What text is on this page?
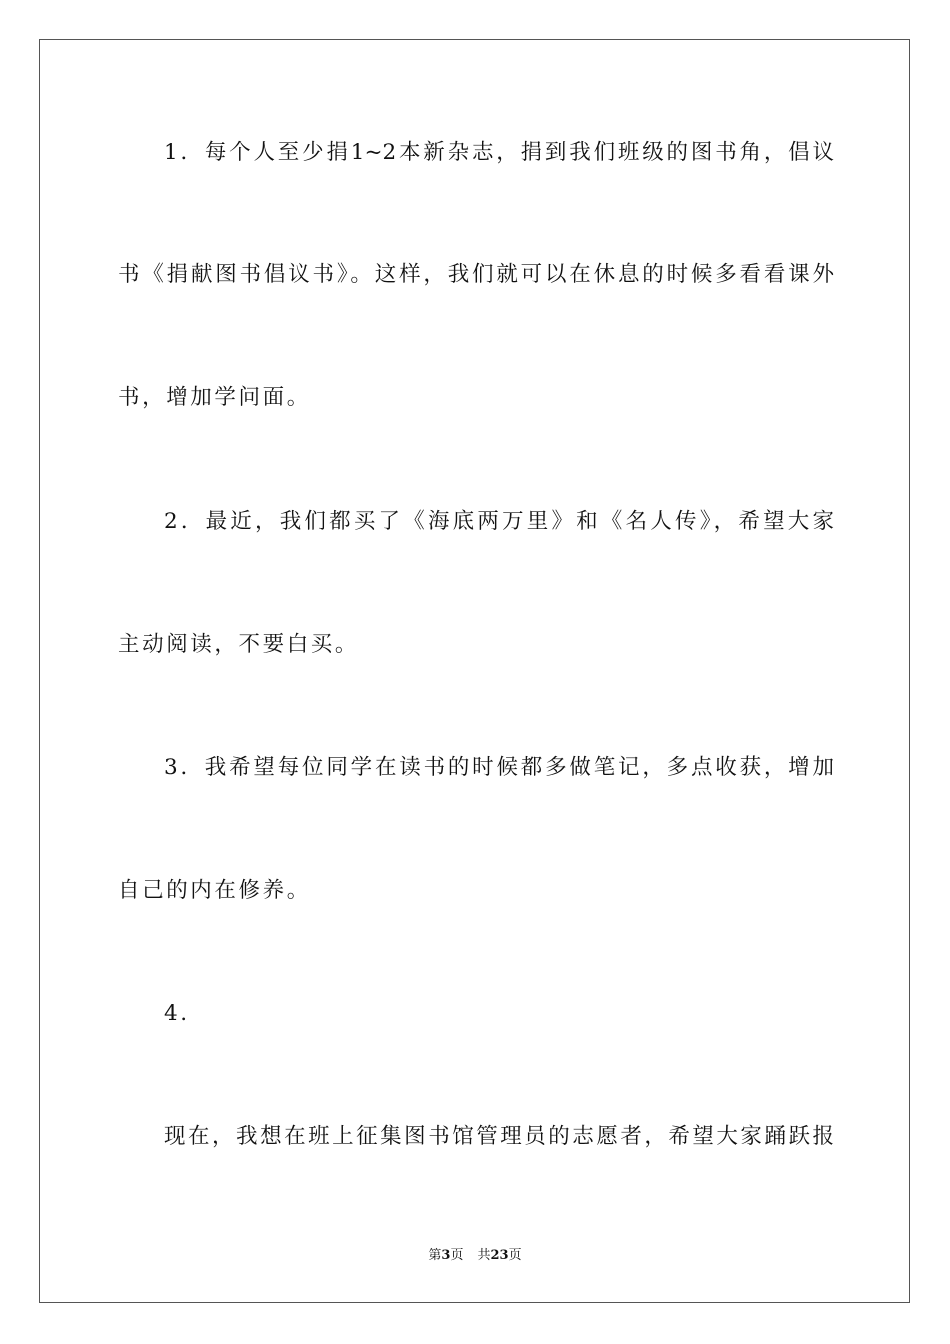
1．每个人至少捐1~2本新杂志，捐到我们班级的图书角，倡议

书《捐献图书倡议书》。这样，我们就可以在休息的时候多看看课外

书，增加学问面。

2．最近，我们都买了《海底两万里》和《名人传》，希望大家

主动阅读，不要白买。

3．我希望每位同学在读书的时候都多做笔记，多点收获，增加

自己的内在修养。

4.

现在，我想在班上征集图书馆管理员的志愿者，希望大家踊跃报

第3页 共23页
